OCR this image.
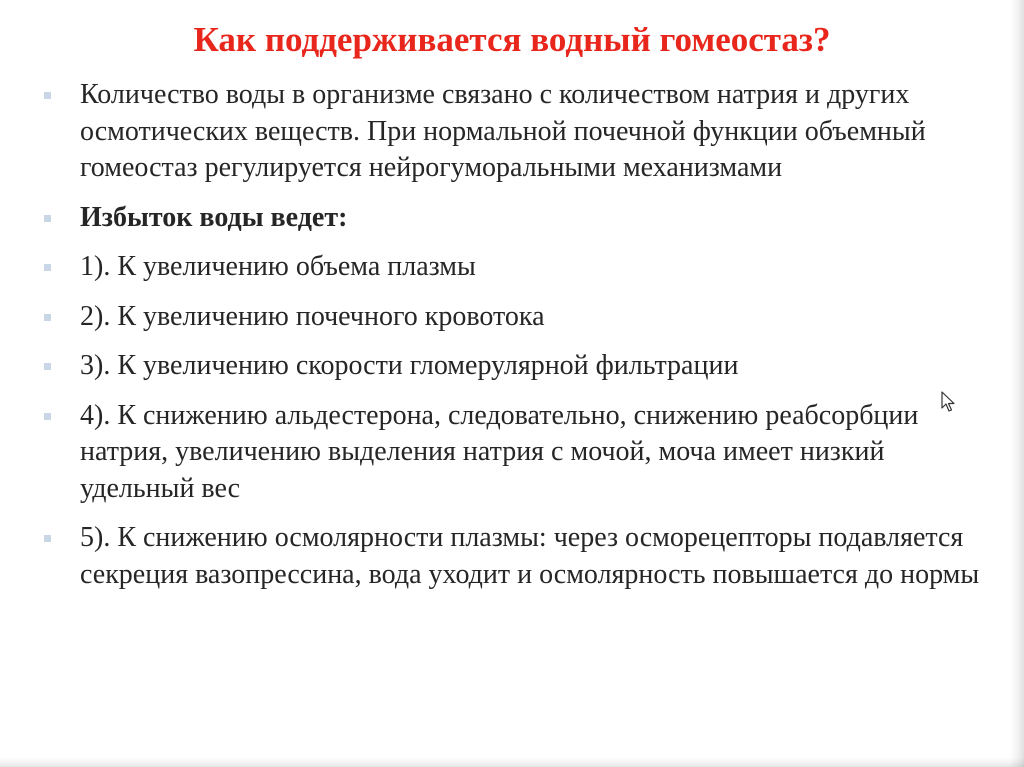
Как поддерживается водный гомеостаз?
Количество воды в организме связано с количеством натрия и других осмотических веществ. При нормальной почечной функции объемный гомеостаз регулируется нейрогуморальными механизмами
Избыток воды ведет:
1). К увеличению объема плазмы
2). К увеличению почечного кровотока
3). К увеличению скорости гломерулярной фильтрации
4). К снижению альдестерона, следовательно, снижению реабсорбции натрия, увеличению выделения натрия с мочой, моча имеет низкий удельный вес
5). К снижению осмолярности плазмы: через осморецепторы подавляется секреция вазопрессина, вода уходит и осмолярность повышается до нормы
